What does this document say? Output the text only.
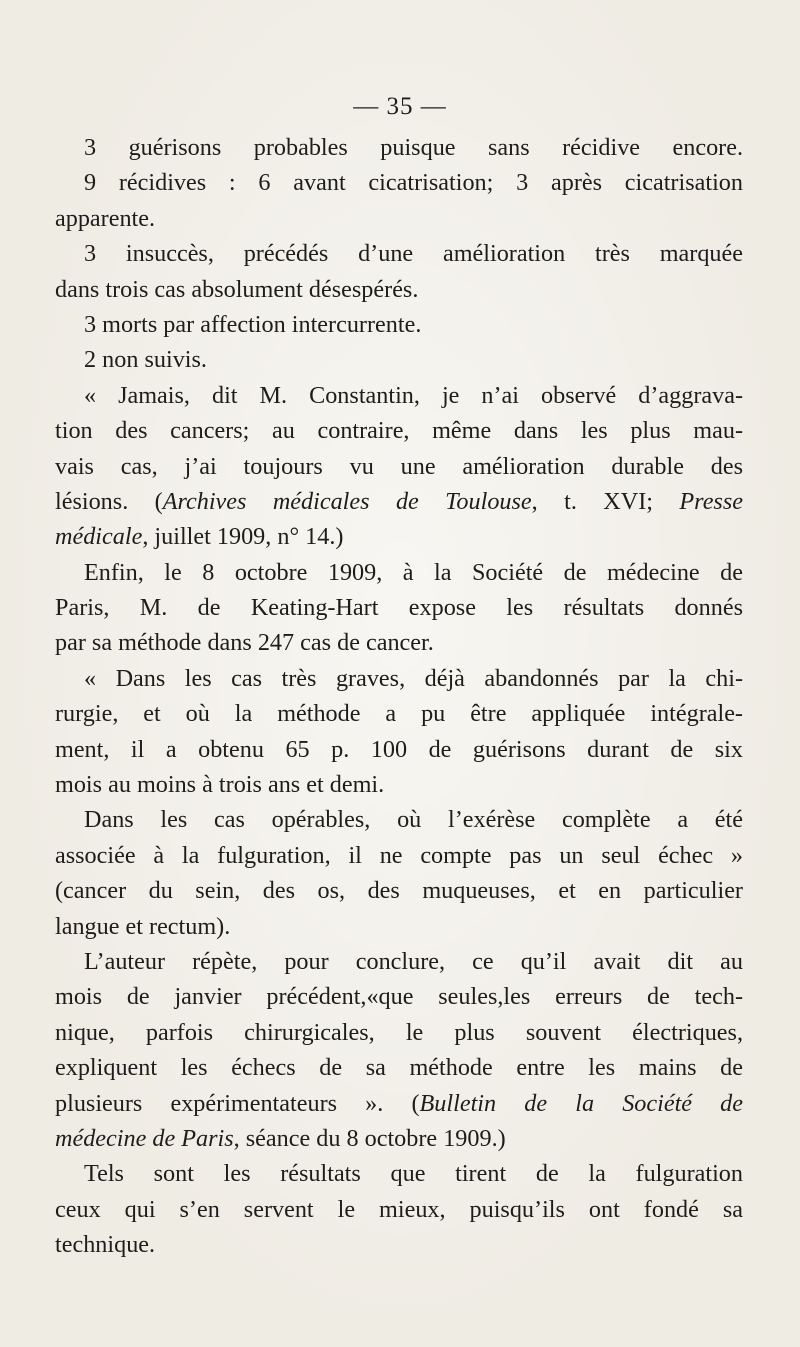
— 35 —
3 guérisons probables puisque sans récidive encore.
9 récidives : 6 avant cicatrisation; 3 après cicatrisation
apparente.
3 insuccès, précédés d’une amélioration très marquée
dans trois cas absolument désespérés.
3 morts par affection intercurrente.
2 non suivis.
« Jamais, dit M. Constantin, je n’ai observé d’aggrava-
tion des cancers; au contraire, même dans les plus mau-
vais cas, j’ai toujours vu une amélioration durable des
lésions. (Archives médicales de Toulouse, t. XVI; Presse
médicale, juillet 1909, n° 14.)
Enfin, le 8 octobre 1909, à la Société de médecine de
Paris, M. de Keating-Hart expose les résultats donnés
par sa méthode dans 247 cas de cancer.
« Dans les cas très graves, déjà abandonnés par la chi-
rurgie, et où la méthode a pu être appliquée intégrale-
ment, il a obtenu 65 p. 100 de guérisons durant de six
mois au moins à trois ans et demi.
Dans les cas opérables, où l’exérèse complète a été
associée à la fulguration, il ne compte pas un seul échec »
(cancer du sein, des os, des muqueuses, et en particulier
langue et rectum).
L’auteur répète, pour conclure, ce qu’il avait dit au
mois de janvier précédent,«que seules,les erreurs de tech-
nique, parfois chirurgicales, le plus souvent électriques,
expliquent les échecs de sa méthode entre les mains de
plusieurs expérimentateurs ». (Bulletin de la Société de
médecine de Paris, séance du 8 octobre 1909.)
Tels sont les résultats que tirent de la fulguration
ceux qui s’en servent le mieux, puisqu’ils ont fondé sa
technique.
